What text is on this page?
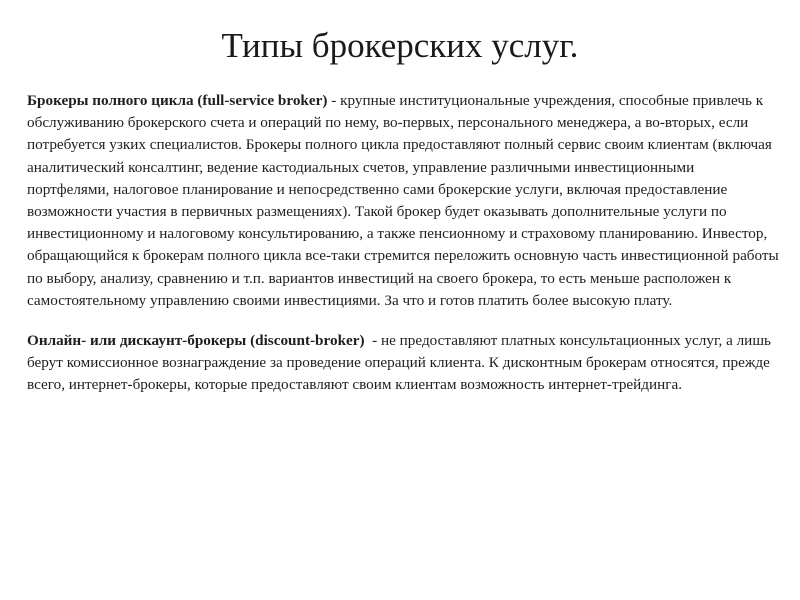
Типы брокерских услуг.

Брокеры полного цикла (full-service broker) - крупные институциональные учреждения, способные привлечь к обслуживанию брокерского счета и операций по нему, во-первых, персонального менеджера, а во-вторых, если потребуется узких специалистов. Брокеры полного цикла предоставляют полный сервис своим клиентам (включая аналитический консалтинг, ведение кастодиальных счетов, управление различными инвестиционными портфелями, налоговое планирование и непосредственно сами брокерские услуги, включая предоставление возможности участия в первичных размещениях). Такой брокер будет оказывать дополнительные услуги по инвестиционному и налоговому консультированию, а также пенсионному и страховому планированию. Инвестор, обращающийся к брокерам полного цикла все-таки стремится переложить основную часть инвестиционной работы по выбору, анализу, сравнению и т.п. вариантов инвестиций на своего брокера, то есть меньше расположен к самостоятельному управлению своими инвестициями. За что и готов платить более высокую плату.

Онлайн- или дискаунт-брокеры (discount-broker)  - не предоставляют платных консультационных услуг, а лишь берут комиссионное вознаграждение за проведение операций клиента. К дисконтным брокерам относятся, прежде всего, интернет-брокеры, которые предоставляют своим клиентам возможность интернет-трейдинга.
